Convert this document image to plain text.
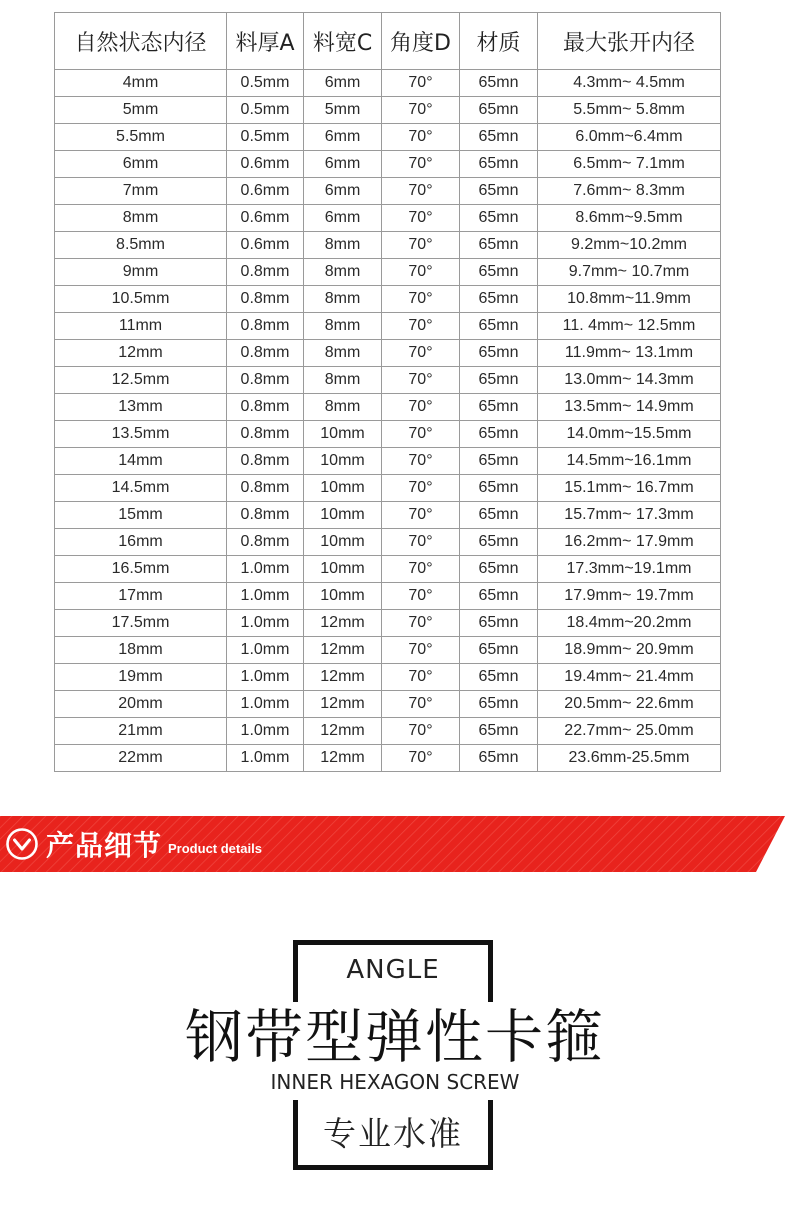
自然状态内径	料厚A	料宽C	角度D	材质	最大张开内径
4mm	0.5mm	6mm	70°	65mn	4.3mm~ 4.5mm
5mm	0.5mm	5mm	70°	65mn	5.5mm~ 5.8mm
5.5mm	0.5mm	6mm	70°	65mn	6.0mm~6.4mm
6mm	0.6mm	6mm	70°	65mn	6.5mm~ 7.1mm
7mm	0.6mm	6mm	70°	65mn	7.6mm~ 8.3mm
8mm	0.6mm	6mm	70°	65mn	8.6mm~9.5mm
8.5mm	0.6mm	8mm	70°	65mn	9.2mm~10.2mm
9mm	0.8mm	8mm	70°	65mn	9.7mm~ 10.7mm
10.5mm	0.8mm	8mm	70°	65mn	10.8mm~11.9mm
11mm	0.8mm	8mm	70°	65mn	11. 4mm~ 12.5mm
12mm	0.8mm	8mm	70°	65mn	11.9mm~ 13.1mm
12.5mm	0.8mm	8mm	70°	65mn	13.0mm~ 14.3mm
13mm	0.8mm	8mm	70°	65mn	13.5mm~ 14.9mm
13.5mm	0.8mm	10mm	70°	65mn	14.0mm~15.5mm
14mm	0.8mm	10mm	70°	65mn	14.5mm~16.1mm
14.5mm	0.8mm	10mm	70°	65mn	15.1mm~ 16.7mm
15mm	0.8mm	10mm	70°	65mn	15.7mm~ 17.3mm
16mm	0.8mm	10mm	70°	65mn	16.2mm~ 17.9mm
16.5mm	1.0mm	10mm	70°	65mn	17.3mm~19.1mm
17mm	1.0mm	10mm	70°	65mn	17.9mm~ 19.7mm
17.5mm	1.0mm	12mm	70°	65mn	18.4mm~20.2mm
18mm	1.0mm	12mm	70°	65mn	18.9mm~ 20.9mm
19mm	1.0mm	12mm	70°	65mn	19.4mm~ 21.4mm
20mm	1.0mm	12mm	70°	65mn	20.5mm~ 22.6mm
21mm	1.0mm	12mm	70°	65mn	22.7mm~ 25.0mm
22mm	1.0mm	12mm	70°	65mn	23.6mm-25.5mm
产品细节 Product details
ANGLE
钢带型弹性卡箍
INNER HEXAGON SCREW
专业水准
